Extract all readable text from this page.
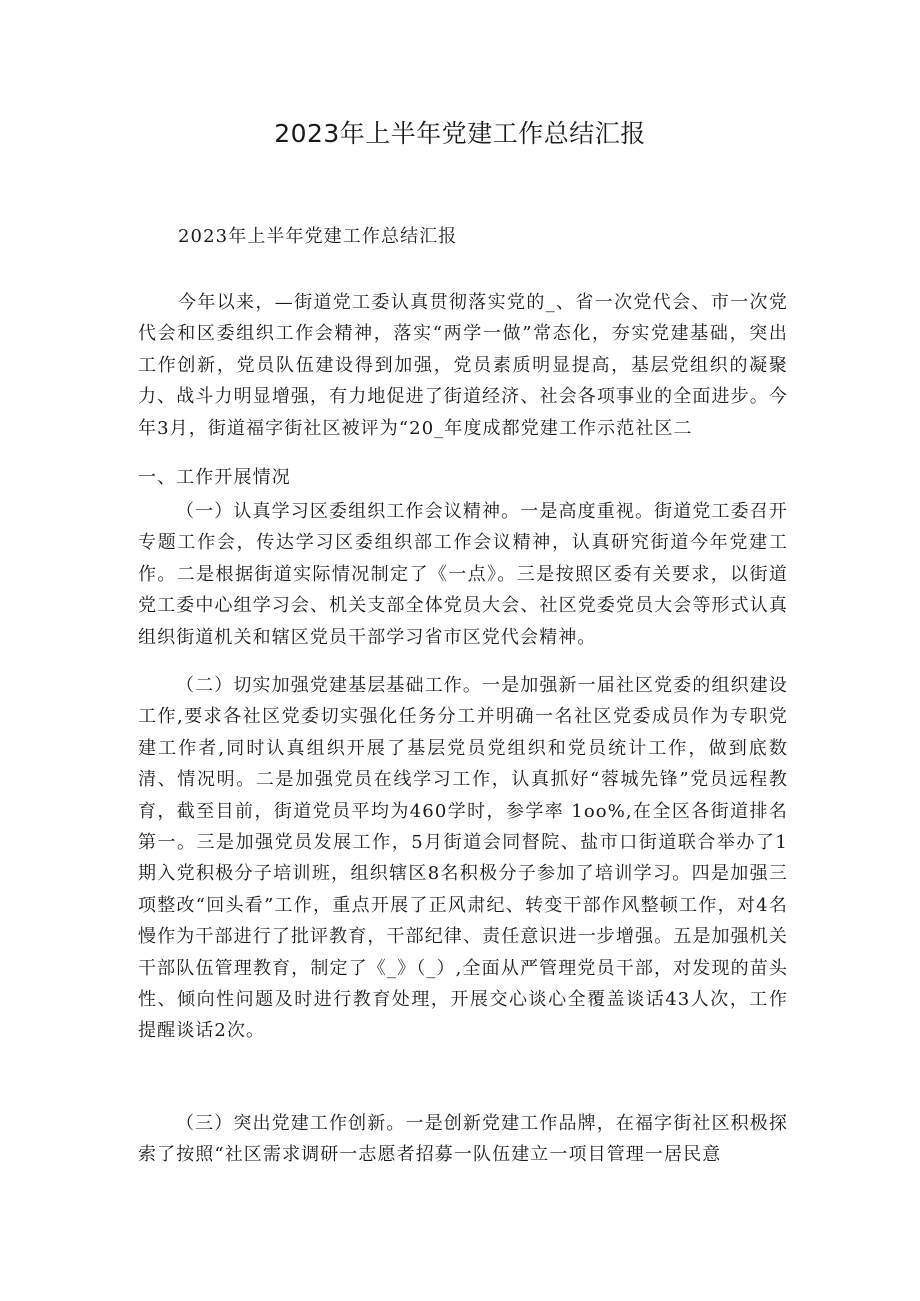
2023年上半年党建工作总结汇报

2023年上半年党建工作总结汇报

今年以来，—街道党工委认真贯彻落实党的_、省一次党代会、市一次党代会和区委组织工作会精神，落实“两学一做”常态化，夯实党建基础，突出工作创新，党员队伍建设得到加强，党员素质明显提高，基层党组织的凝聚力、战斗力明显增强，有力地促进了街道经济、社会各项事业的全面进步。今年3月，街道福字街社区被评为“20_年度成都党建工作示范社区二

一、工作开展情况

（一）认真学习区委组织工作会议精神。一是高度重视。街道党工委召开专题工作会，传达学习区委组织部工作会议精神，认真研究街道今年党建工作。二是根据街道实际情况制定了《一点》。三是按照区委有关要求，以街道党工委中心组学习会、机关支部全体党员大会、社区党委党员大会等形式认真组织街道机关和辖区党员干部学习省市区党代会精神。

（二）切实加强党建基层基础工作。一是加强新一届社区党委的组织建设工作,要求各社区党委切实强化任务分工并明确一名社区党委成员作为专职党建工作者,同时认真组织开展了基层党员党组织和党员统计工作，做到底数清、情况明。二是加强党员在线学习工作，认真抓好“蓉城先锋”党员远程教育，截至目前，街道党员平均为460学时，参学率 1oo%,在全区各街道排名第一。三是加强党员发展工作，5月街道会同督院、盐市口街道联合举办了1期入党积极分子培训班，组织辖区8名积极分子参加了培训学习。四是加强三项整改“回头看”工作，重点开展了正风肃纪、转变干部作风整顿工作，对4名慢作为干部进行了批评教育，干部纪律、责任意识进一步增强。五是加强机关干部队伍管理教育，制定了《_》（_）,全面从严管理党员干部，对发现的苗头性、倾向性问题及时进行教育处理，开展交心谈心全覆盖谈话43人次，工作提醒谈话2次。

（三）突出党建工作创新。一是创新党建工作品牌，在福字街社区积极探索了按照“社区需求调研一志愿者招募一队伍建立一项目管理一居民意
